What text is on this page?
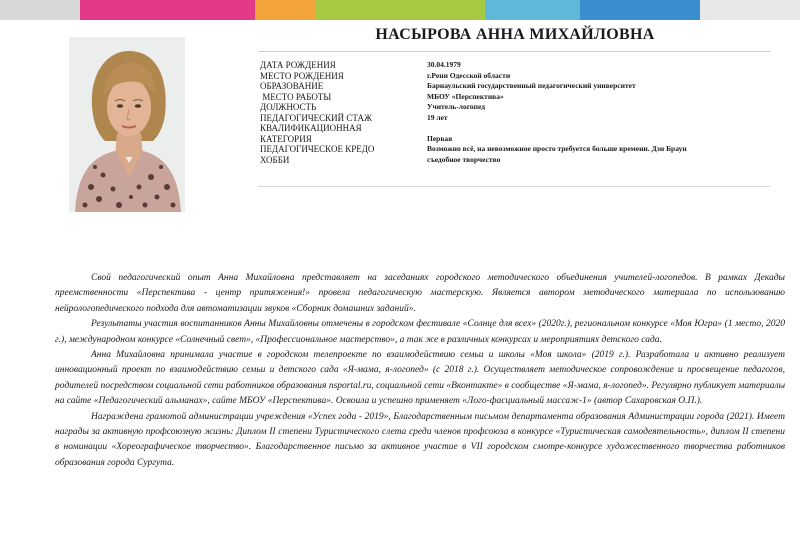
НАСЫРОВА АННА МИХАЙЛОВНА
ДАТА РОЖДЕНИЯ	30.04.1979
МЕСТО РОЖДЕНИЯ	г.Рени Одесской области
ОБРАЗОВАНИЕ	Барнаульский государственный педагогический университет
МЕСТО РАБОТЫ	МБОУ «Перспектива»
ДОЛЖНОСТЬ	Учитель-логопед
ПЕДАГОГИЧЕСКИЙ СТАЖ	19 лет
КВАЛИФИКАЦИОННАЯ
КАТЕГОРИЯ	Первая
ПЕДАГОГИЧЕСКОЕ КРЕДО	Возможно всё, на невозможное просто требуется больше времени. Дэн Браун
ХОББИ	съедобное творчество

Свой педагогический опыт Анна Михайловна представляет на заседаниях городского методического объединения учителей-логопедов. В рамках Декады преемственности «Перспектива - центр притяжения!» провела педагогическую мастерскую. Является автором методического материала по использованию нейрологопедического подхода для автоматизации звуков «Сборник домашних заданий».

Результаты участия воспитанников Анны Михайловны отмечены в городском фестивале «Солнце для всех» (2020г.), региональном конкурсе «Моя Югра» (1 место, 2020 г.), международном конкурсе «Солнечный свет», «Профессиональное мастерство», а так же в различных конкурсах и мероприятиях детского сада.

Анна Михайловна принимала участие в городском телепроекте по взаимодействию семьи и школы «Моя школа» (2019 г.). Разработала и активно реализует инновационный проект по взаимодействию семьи и детского сада «Я-мама, я-логопед» (с 2018 г.). Осуществляет методическое сопровождение и просвещение педагогов, родителей посредством социальной сети работников образования nsportal.ru, социальной сети «Вконтакте» в сообществе «Я-мама, я-логопед». Регулярно публикует материалы на сайте «Педагогический альманах», сайте МБОУ «Перспектива». Освоила и успешно применяет «Лого-фасциальный массаж-1» (автор Сахаровская О.П.).

Награждена грамотой администрации учреждения «Успех года - 2019», Благодарственным письмом департамента образования Администрации города (2021). Имеет награды за активную профсоюзную жизнь: Диплом II степени Туристического слета среди членов профсоюза в конкурсе «Туристическая самодеятельность», диплом II степени в номинации «Хореографическое творчество». Благодарственное письмо за активное участие в VII городском смотре-конкурсе художественного творчества работников образования города Сургута.
